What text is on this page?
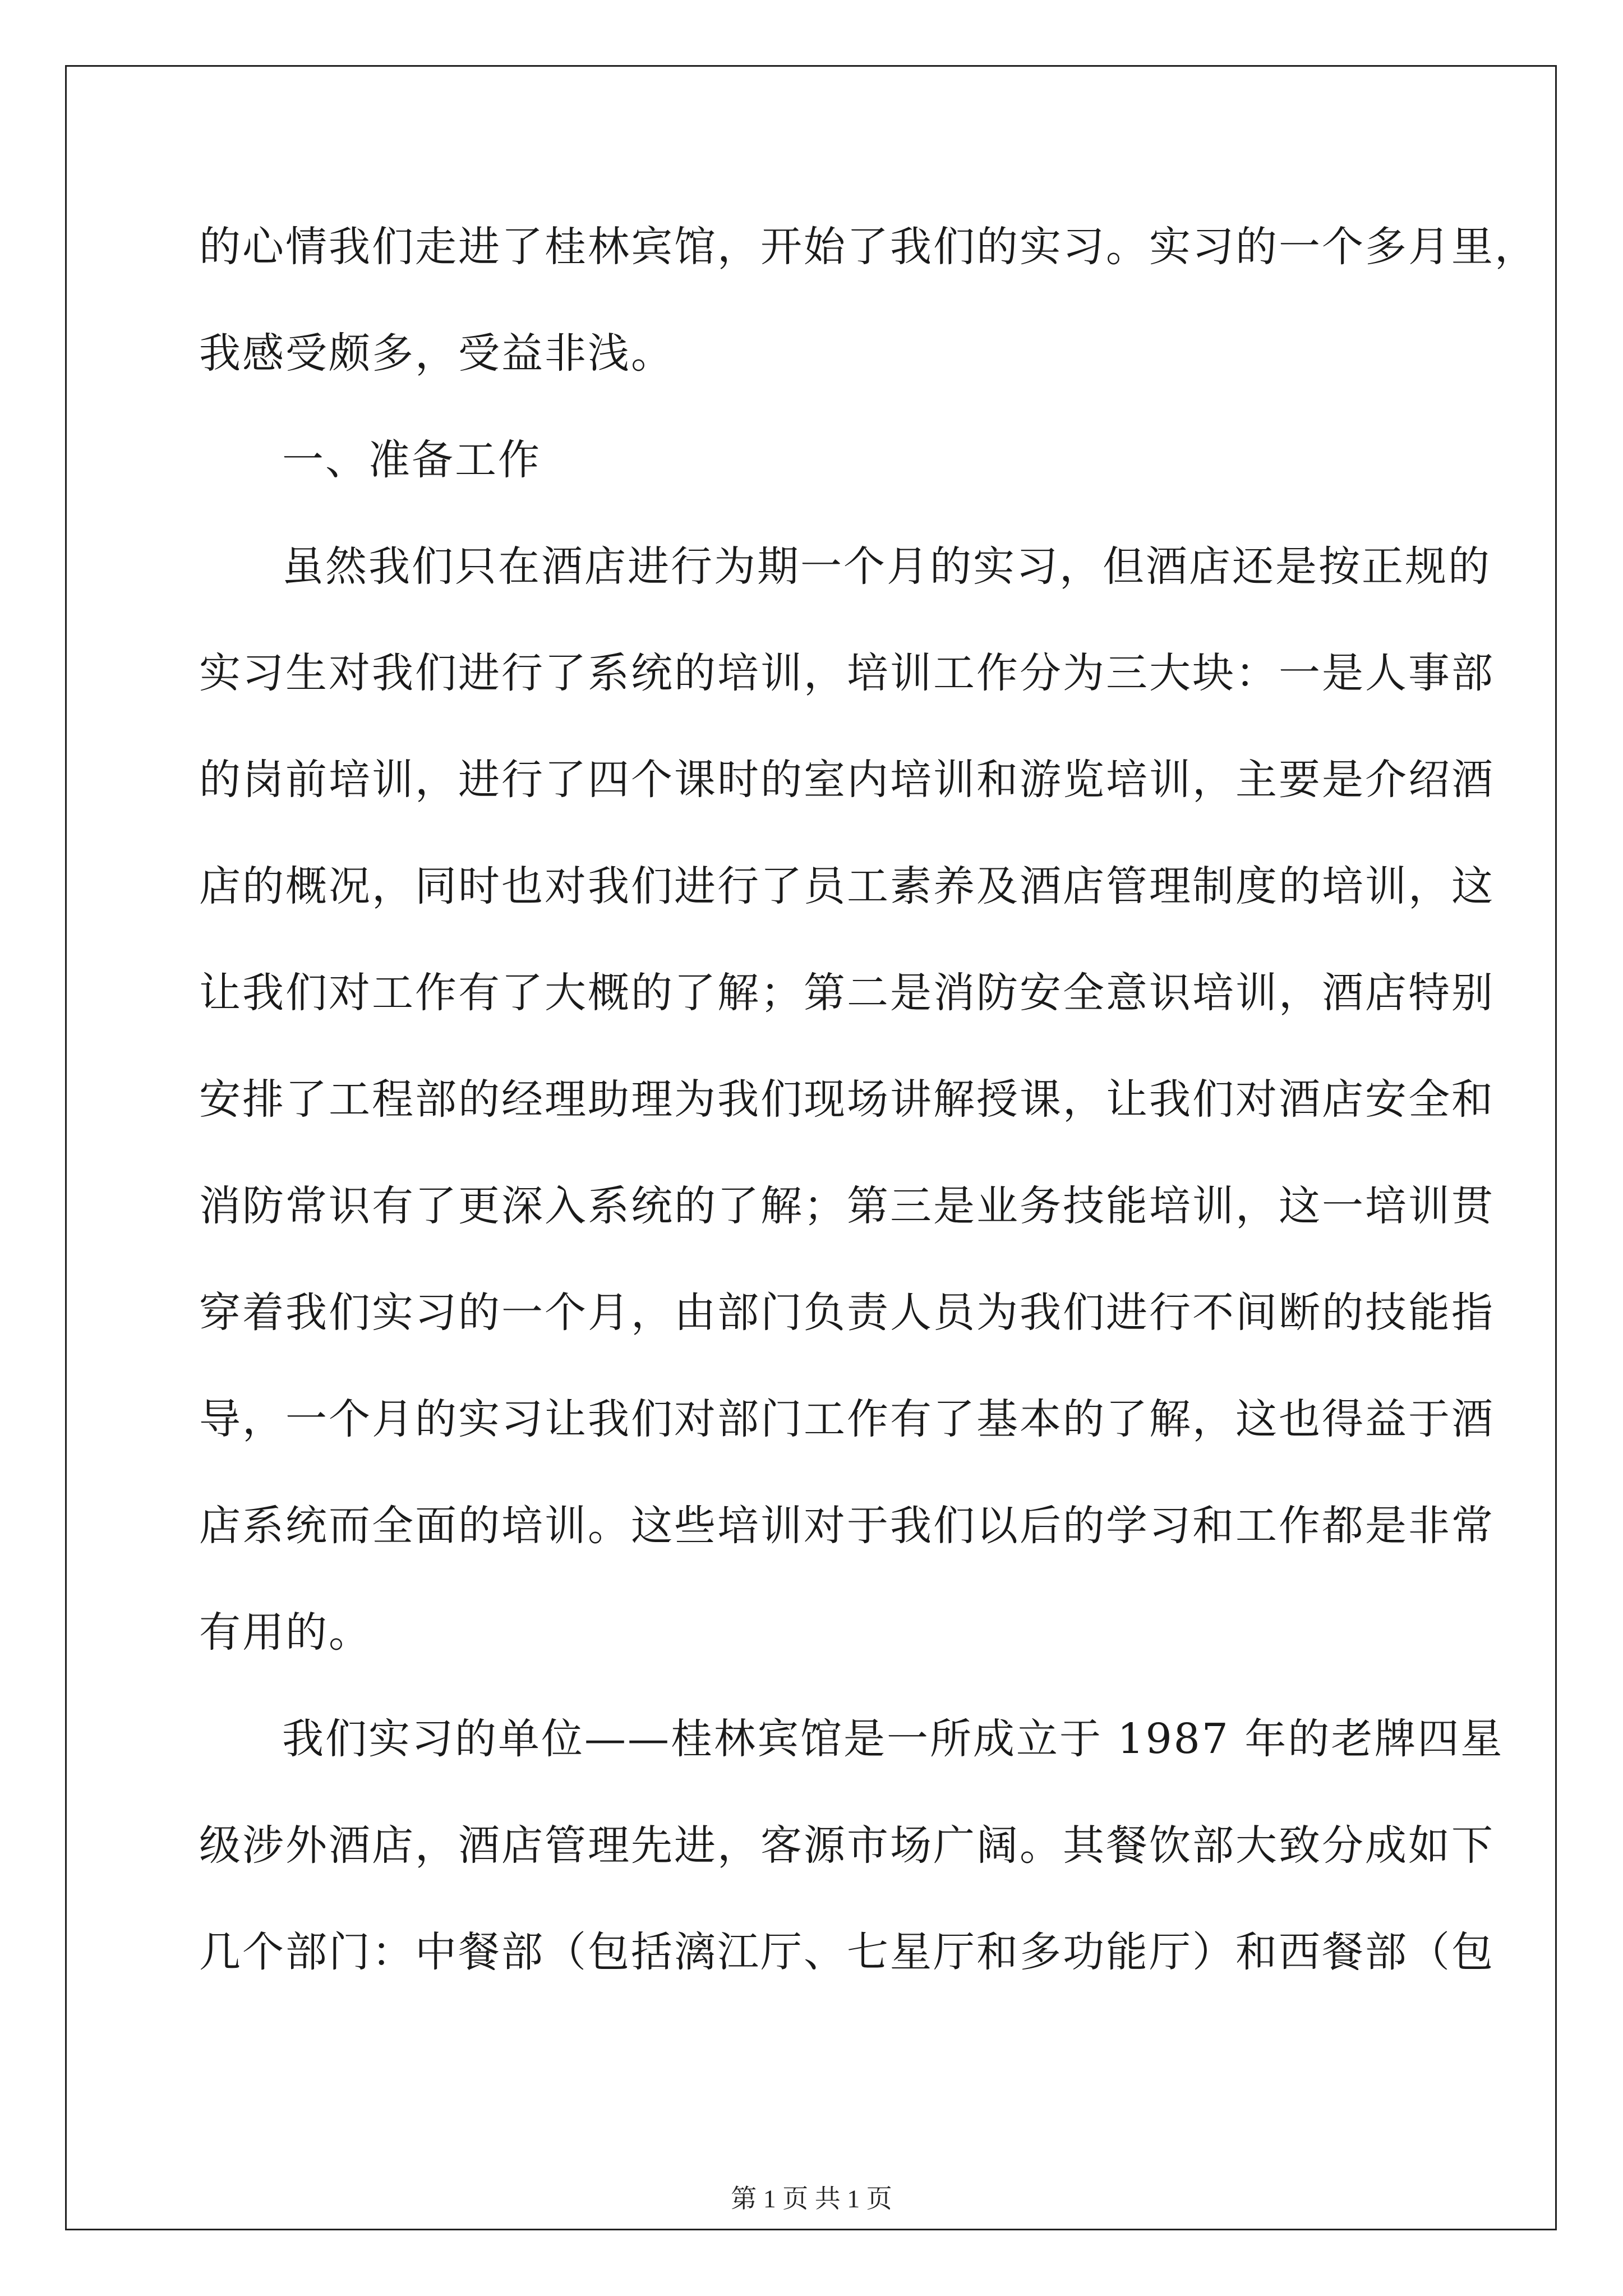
的心情我们走进了桂林宾馆，开始了我们的实习。实习的一个多月里，
我感受颇多，受益非浅。
一、准备工作
虽然我们只在酒店进行为期一个月的实习，但酒店还是按正规的
实习生对我们进行了系统的培训，培训工作分为三大块：一是人事部
的岗前培训，进行了四个课时的室内培训和游览培训，主要是介绍酒
店的概况，同时也对我们进行了员工素养及酒店管理制度的培训，这
让我们对工作有了大概的了解；第二是消防安全意识培训，酒店特别
安排了工程部的经理助理为我们现场讲解授课，让我们对酒店安全和
消防常识有了更深入系统的了解；第三是业务技能培训，这一培训贯
穿着我们实习的一个月，由部门负责人员为我们进行不间断的技能指
导，一个月的实习让我们对部门工作有了基本的了解，这也得益于酒
店系统而全面的培训。这些培训对于我们以后的学习和工作都是非常
有用的。
我们实习的单位——桂林宾馆是一所成立于 1987 年的老牌四星
级涉外酒店，酒店管理先进，客源市场广阔。其餐饮部大致分成如下
几个部门：中餐部（包括漓江厅、七星厅和多功能厅）和西餐部（包
第 1 页 共 1 页
